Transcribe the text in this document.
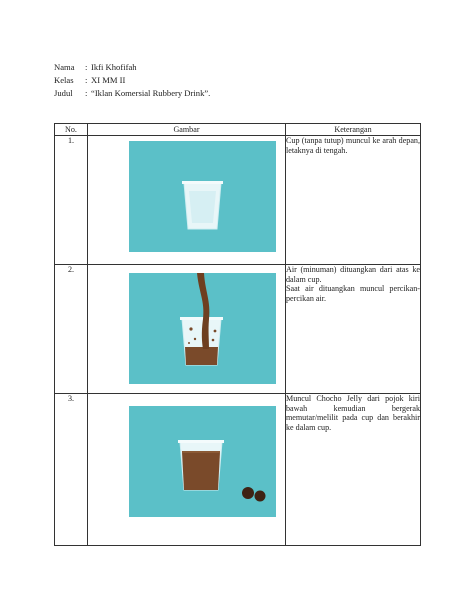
Nama : Ikfi Khofifah
Kelas : XI MM II
Judul : “Iklan Komersial Rubbery Drink”.
No.	Gambar	Keterangan
1.		Cup (tanpa tutup) muncul ke arah depan, letaknya di tengah.

2.		Air (minuman) dituangkan dari atas ke dalam cup.

Saat air dituangkan muncul percikan-percikan air.

3.		Muncul Chocho Jelly dari pojok kiri bawah kemudian bergerak memutar/melilit pada cup dan berakhir ke dalam cup.
